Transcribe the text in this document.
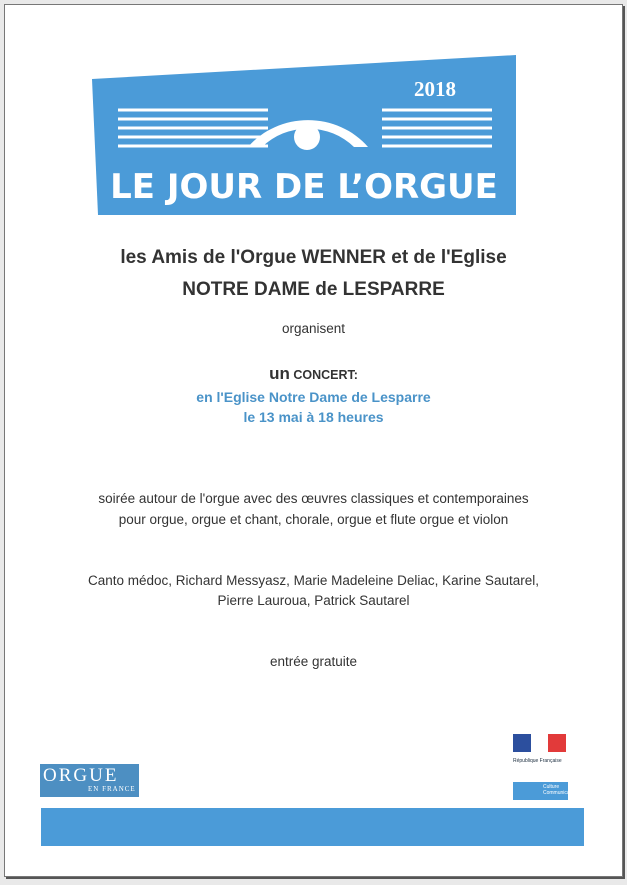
2018
LE JOUR DE L’ORGUE
les Amis de l'Orgue WENNER et de l'Eglise
NOTRE DAME de LESPARRE
organisent
un CONCERT:
en l'Eglise Notre Dame de Lesparre
le 13 mai à 18 heures
soirée autour de l'orgue avec des œuvres classiques et contemporaines
pour orgue, orgue et chant, chorale, orgue et flute orgue et violon
Canto médoc, Richard Messyasz, Marie Madeleine Deliac, Karine Sautarel,
Pierre Lauroua, Patrick Sautarel
entrée gratuite
ORGUE
EN FRANCE
République Française
Culture Communication
